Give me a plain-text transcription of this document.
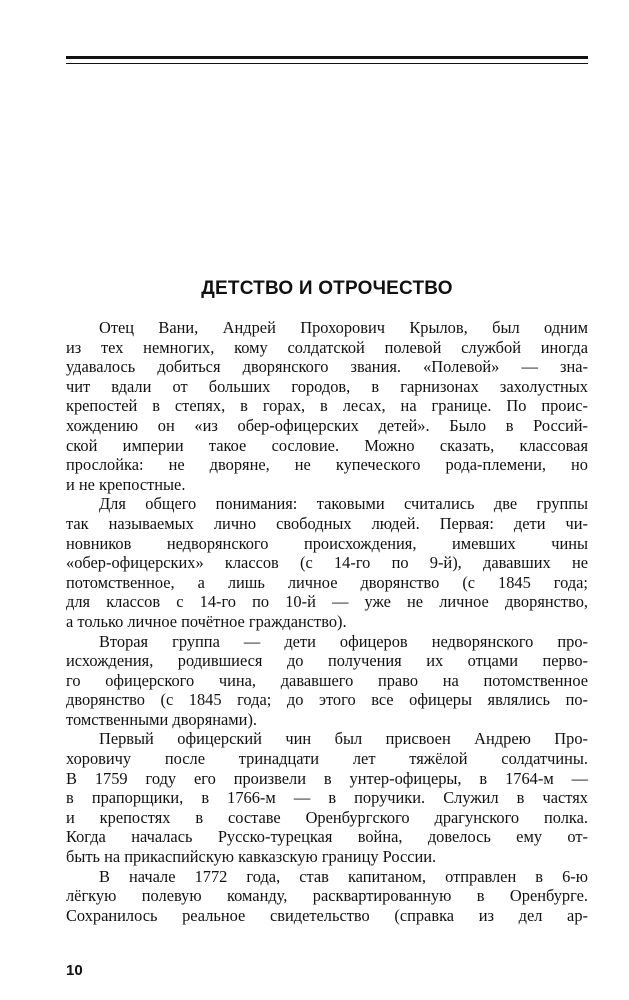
ДЕТСТВО И ОТРОЧЕСТВО

Отец Вани, Андрей Прохорович Крылов, был одним
из тех немногих, кому солдатской полевой службой иногда
удавалось добиться дворянского звания. «Полевой» — зна-
чит вдали от больших городов, в гарнизонах захолустных
крепостей в степях, в горах, в лесах, на границе. По проис-
хождению он «из обер-офицерских детей». Было в Россий-
ской империи такое сословие. Можно сказать, классовая
прослойка: не дворяне, не купеческого рода-племени, но
и не крепостные.

Для общего понимания: таковыми считались две группы
так называемых лично свободных людей. Первая: дети чи-
новников недворянского происхождения, имевших чины
«обер-офицерских» классов (с 14-го по 9-й), дававших не
потомственное, а лишь личное дворянство (с 1845 года;
для классов с 14-го по 10-й — уже не личное дворянство,
а только личное почётное гражданство).

Вторая группа — дети офицеров недворянского про-
исхождения, родившиеся до получения их отцами перво-
го офицерского чина, дававшего право на потомственное
дворянство (с 1845 года; до этого все офицеры являлись по-
томственными дворянами).

Первый офицерский чин был присвоен Андрею Про-
хоровичу после тринадцати лет тяжёлой солдатчины.
В 1759 году его произвели в унтер-офицеры, в 1764-м —
в прапорщики, в 1766-м — в поручики. Служил в частях
и крепостях в составе Оренбургского драгунского полка.
Когда началась Русско-турецкая война, довелось ему от-
быть на прикаспийскую кавказскую границу России.

В начале 1772 года, став капитаном, отправлен в 6-ю
лёгкую полевую команду, расквартированную в Оренбурге.
Сохранилось реальное свидетельство (справка из дел ар-

10
